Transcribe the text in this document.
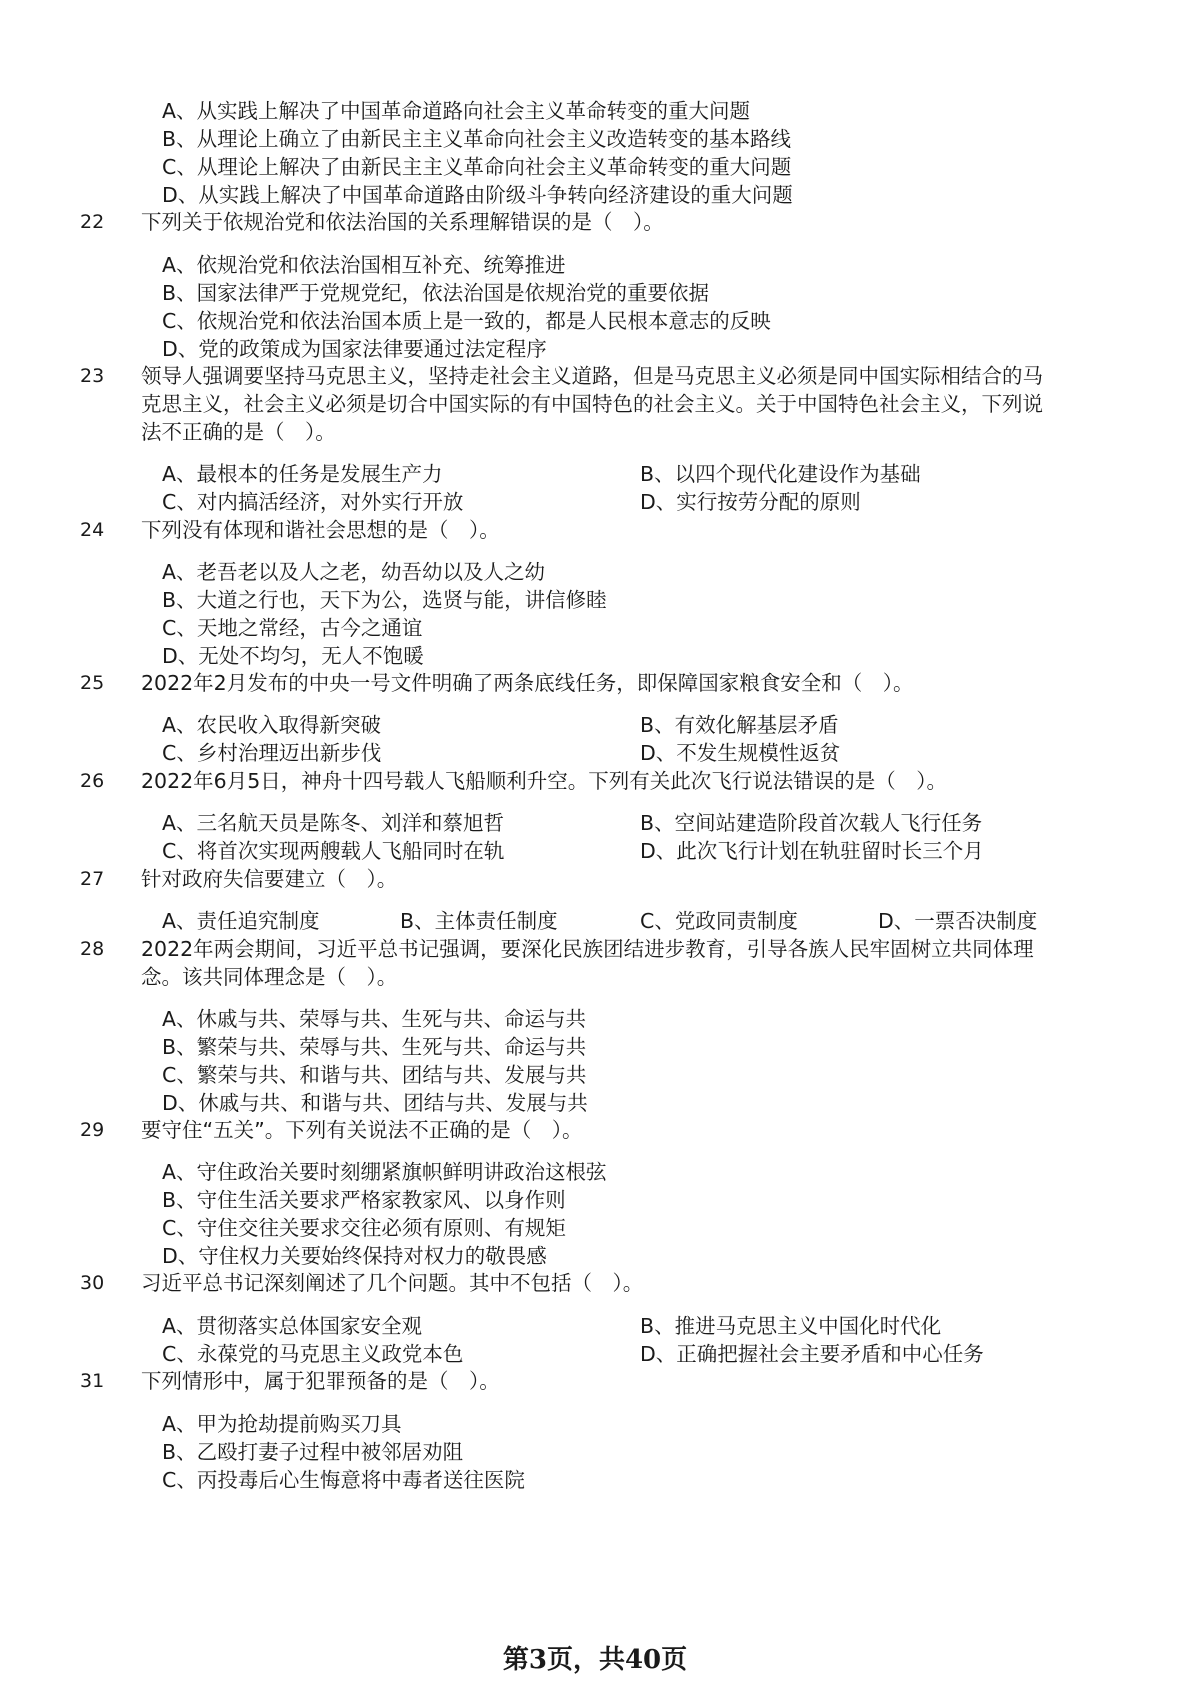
A、从实践上解决了中国革命道路向社会主义革命转变的重大问题
B、从理论上确立了由新民主主义革命向社会主义改造转变的基本路线
C、从理论上解决了由新民主主义革命向社会主义革命转变的重大问题
D、从实践上解决了中国革命道路由阶级斗争转向经济建设的重大问题
22 下列关于依规治党和依法治国的关系理解错误的是（　）。
A、依规治党和依法治国相互补充、统筹推进
B、国家法律严于党规党纪，依法治国是依规治党的重要依据
C、依规治党和依法治国本质上是一致的，都是人民根本意志的反映
D、党的政策成为国家法律要通过法定程序
23 领导人强调要坚持马克思主义，坚持走社会主义道路，但是马克思主义必须是同中国实际相结合的马
克思主义，社会主义必须是切合中国实际的有中国特色的社会主义。关于中国特色社会主义，下列说
法不正确的是（　）。
A、最根本的任务是发展生产力	B、以四个现代化建设作为基础
C、对内搞活经济，对外实行开放	D、实行按劳分配的原则
24 下列没有体现和谐社会思想的是（　）。
A、老吾老以及人之老，幼吾幼以及人之幼
B、大道之行也，天下为公，选贤与能，讲信修睦
C、天地之常经，古今之通谊
D、无处不均匀，无人不饱暖
25 2022年2月发布的中央一号文件明确了两条底线任务，即保障国家粮食安全和（　）。
A、农民收入取得新突破	B、有效化解基层矛盾
C、乡村治理迈出新步伐	D、不发生规模性返贫
26 2022年6月5日，神舟十四号载人飞船顺利升空。下列有关此次飞行说法错误的是（　）。
A、三名航天员是陈冬、刘洋和蔡旭哲	B、空间站建造阶段首次载人飞行任务
C、将首次实现两艘载人飞船同时在轨	D、此次飞行计划在轨驻留时长三个月
27 针对政府失信要建立（　）。
A、责任追究制度	B、主体责任制度	C、党政同责制度	D、一票否决制度
28 2022年两会期间，习近平总书记强调，要深化民族团结进步教育，引导各族人民牢固树立共同体理
念。该共同体理念是（　）。
A、休戚与共、荣辱与共、生死与共、命运与共
B、繁荣与共、荣辱与共、生死与共、命运与共
C、繁荣与共、和谐与共、团结与共、发展与共
D、休戚与共、和谐与共、团结与共、发展与共
29 要守住“五关”。下列有关说法不正确的是（　）。
A、守住政治关要时刻绷紧旗帜鲜明讲政治这根弦
B、守住生活关要求严格家教家风、以身作则
C、守住交往关要求交往必须有原则、有规矩
D、守住权力关要始终保持对权力的敬畏感
30 习近平总书记深刻阐述了几个问题。其中不包括（　）。
A、贯彻落实总体国家安全观	B、推进马克思主义中国化时代化
C、永葆党的马克思主义政党本色	D、正确把握社会主要矛盾和中心任务
31 下列情形中，属于犯罪预备的是（　）。
A、甲为抢劫提前购买刀具
B、乙殴打妻子过程中被邻居劝阻
C、丙投毒后心生悔意将中毒者送往医院
第3页，共40页
